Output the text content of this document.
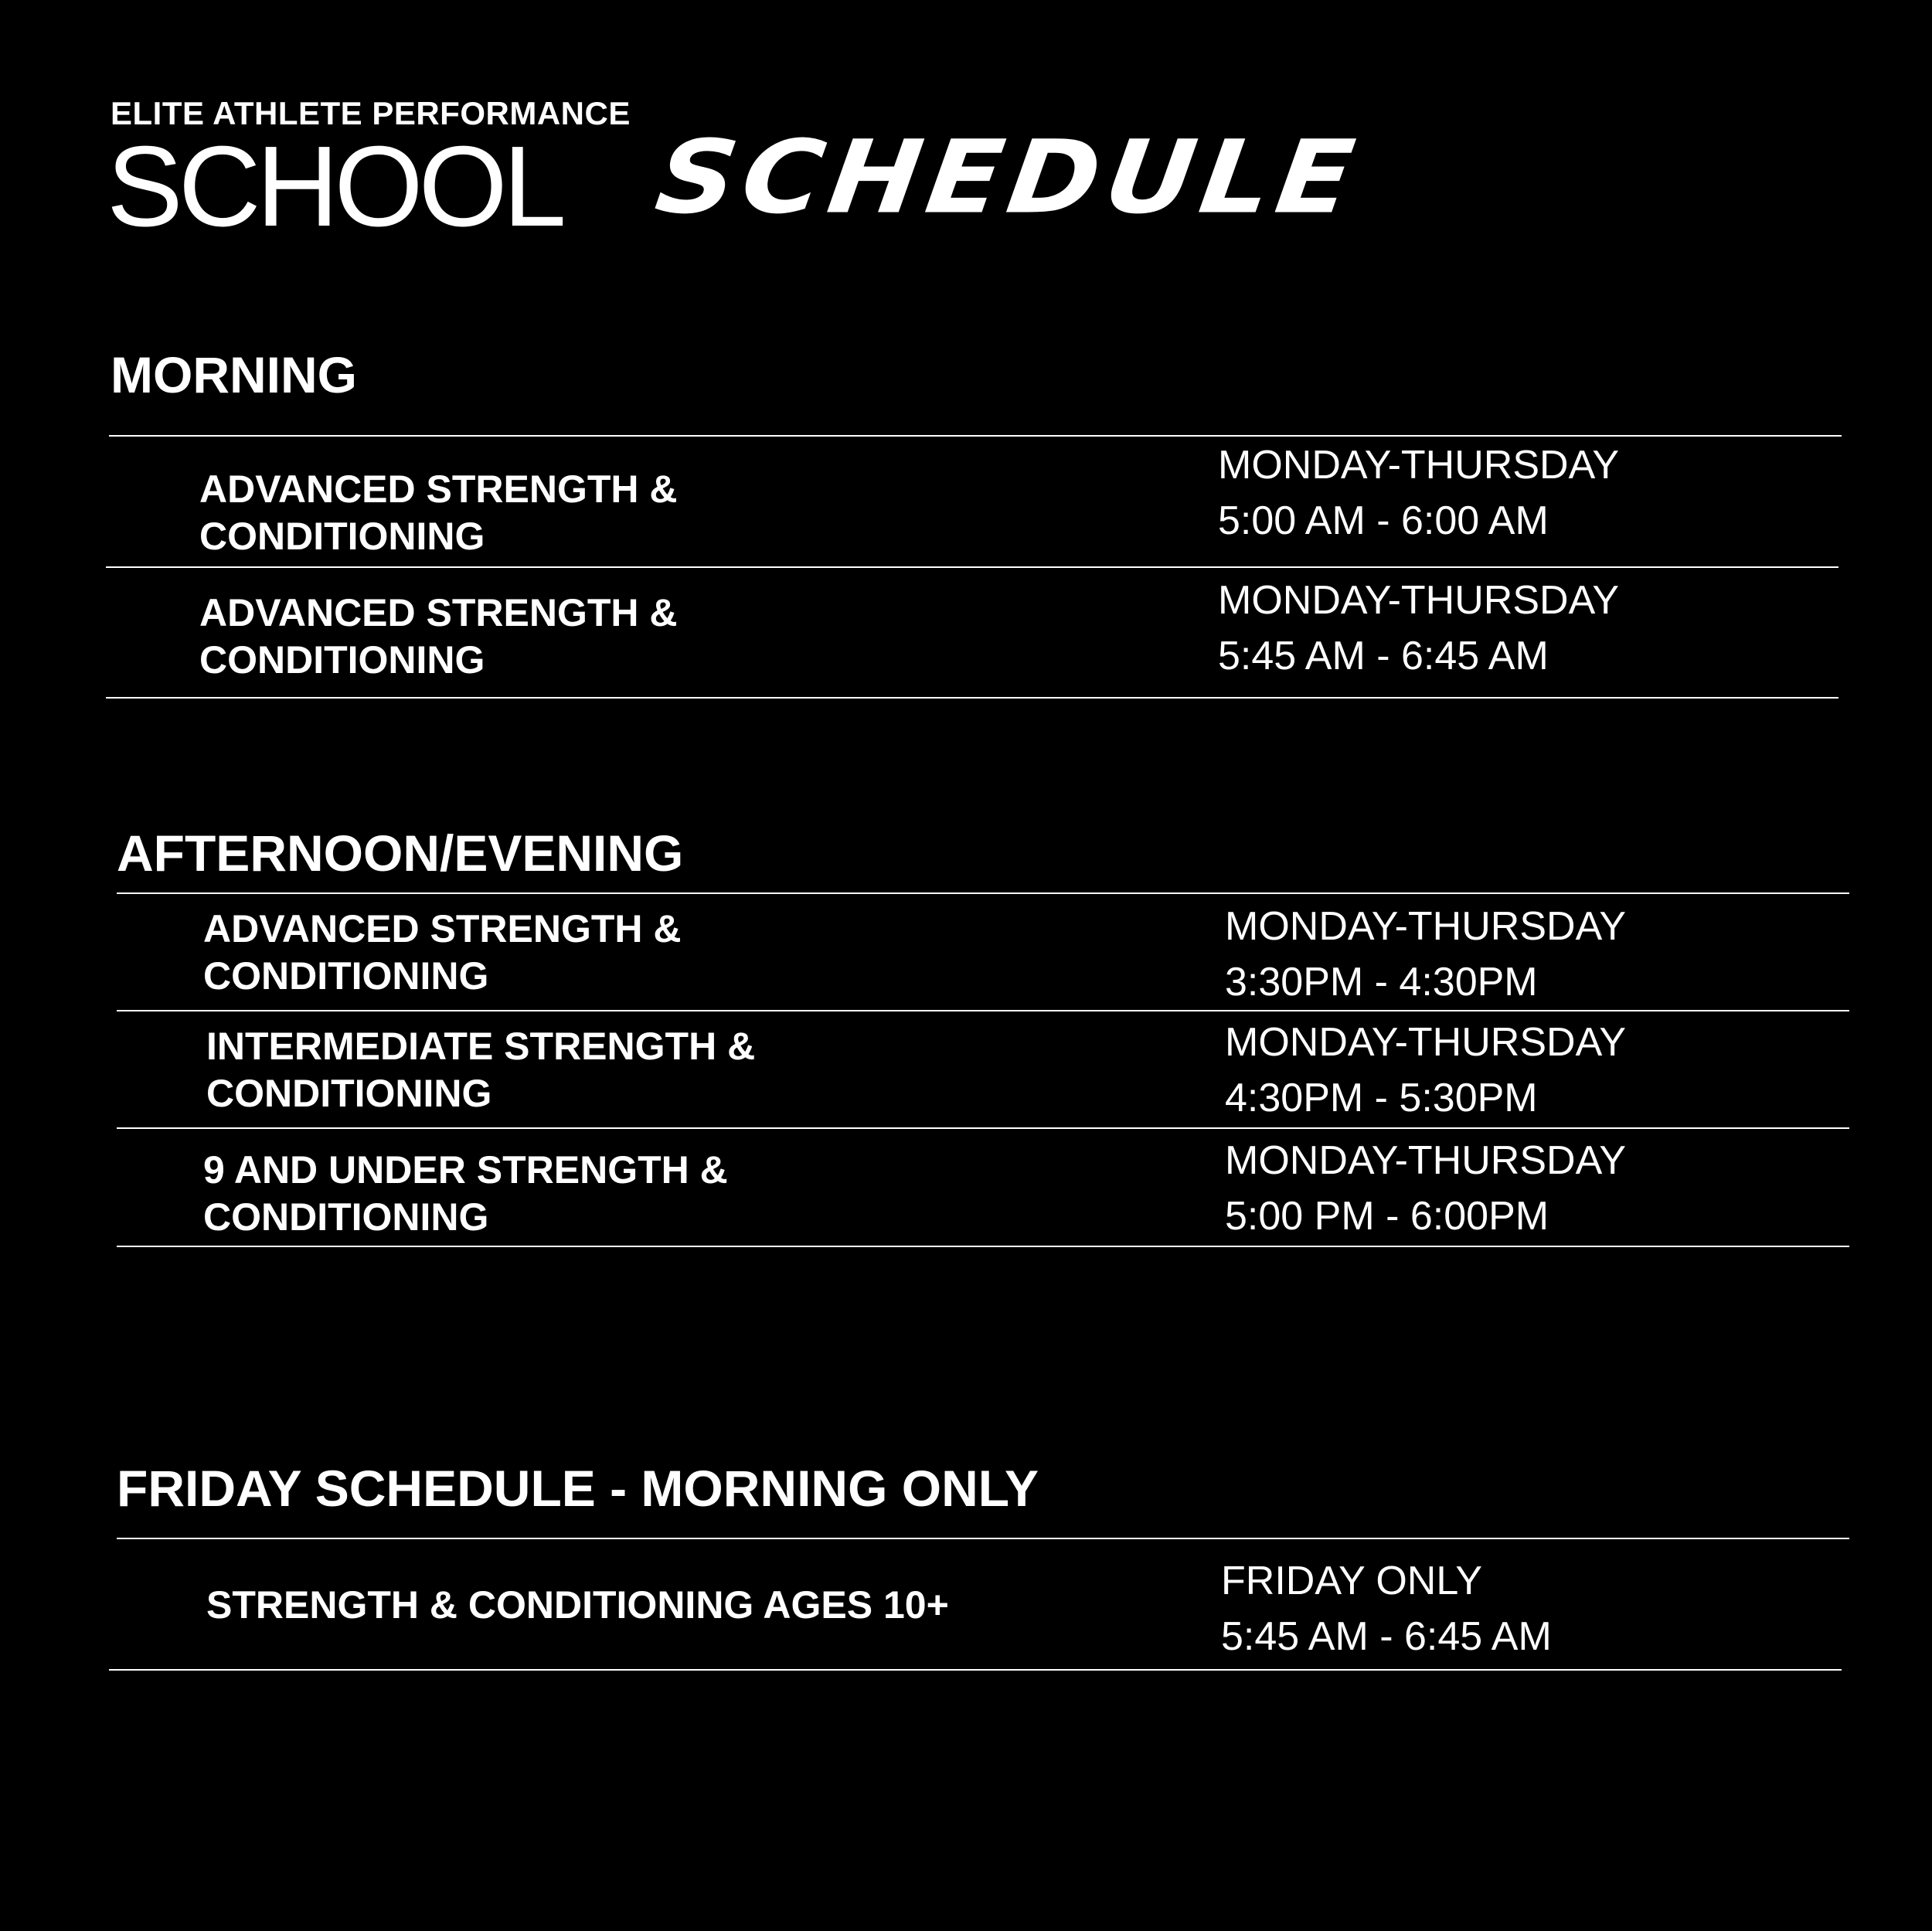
ELITE ATHLETE PERFORMANCE
SCHOOL SCHEDULE
MORNING
ADVANCED STRENGTH &
CONDITIONING
MONDAY-THURSDAY
5:00 AM - 6:00 AM
ADVANCED STRENGTH &
CONDITIONING
MONDAY-THURSDAY
5:45 AM - 6:45 AM
AFTERNOON/EVENING
ADVANCED STRENGTH &
CONDITIONING
MONDAY-THURSDAY
3:30PM - 4:30PM
INTERMEDIATE STRENGTH &
CONDITIONING
MONDAY-THURSDAY
4:30PM - 5:30PM
9 AND UNDER STRENGTH &
CONDITIONING
MONDAY-THURSDAY
5:00 PM - 6:00PM
FRIDAY SCHEDULE - MORNING ONLY
STRENGTH & CONDITIONING AGES 10+
FRIDAY ONLY
5:45 AM - 6:45 AM
